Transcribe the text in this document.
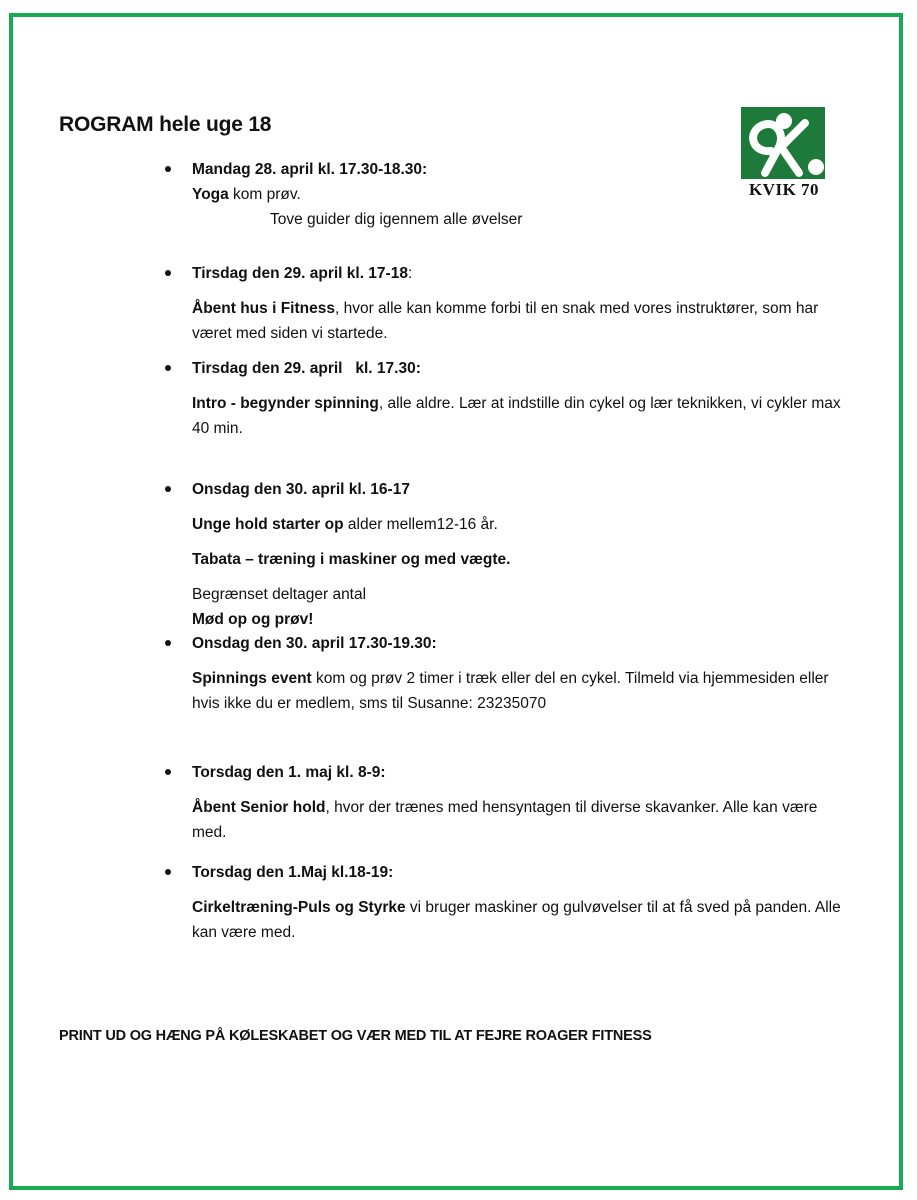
ROGRAM hele uge 18
KVIK 70
Mandag 28. april kl. 17.30-18.30:
Yoga kom prøv.
Tove guider dig igennem alle øvelser
Tirsdag den 29. april kl. 17-18:
Åbent hus i Fitness, hvor alle kan komme forbi til en snak med vores instruktører, som har været med siden vi startede.
Tirsdag den 29. april   kl. 17.30:
Intro - begynder spinning, alle aldre. Lær at indstille din cykel og lær teknikken, vi cykler max 40 min.
Onsdag den 30. april kl. 16-17
Unge hold starter op alder mellem12-16 år.
Tabata – træning i maskiner og med vægte.
Begrænset deltager antal
Mød op og prøv!
Onsdag den 30. april 17.30-19.30:
Spinnings event kom og prøv 2 timer i træk eller del en cykel. Tilmeld via hjemmesiden eller hvis ikke du er medlem, sms til Susanne: 23235070
Torsdag den 1. maj kl. 8-9:
Åbent Senior hold, hvor der trænes med hensyntagen til diverse skavanker. Alle kan være med.
Torsdag den 1.Maj kl.18-19:
Cirkeltræning-Puls og Styrke vi bruger maskiner og gulvøvelser til at få sved på panden. Alle kan være med.
PRINT UD OG HÆNG PÅ KØLESKABET OG VÆR MED TIL AT FEJRE ROAGER FITNESS
